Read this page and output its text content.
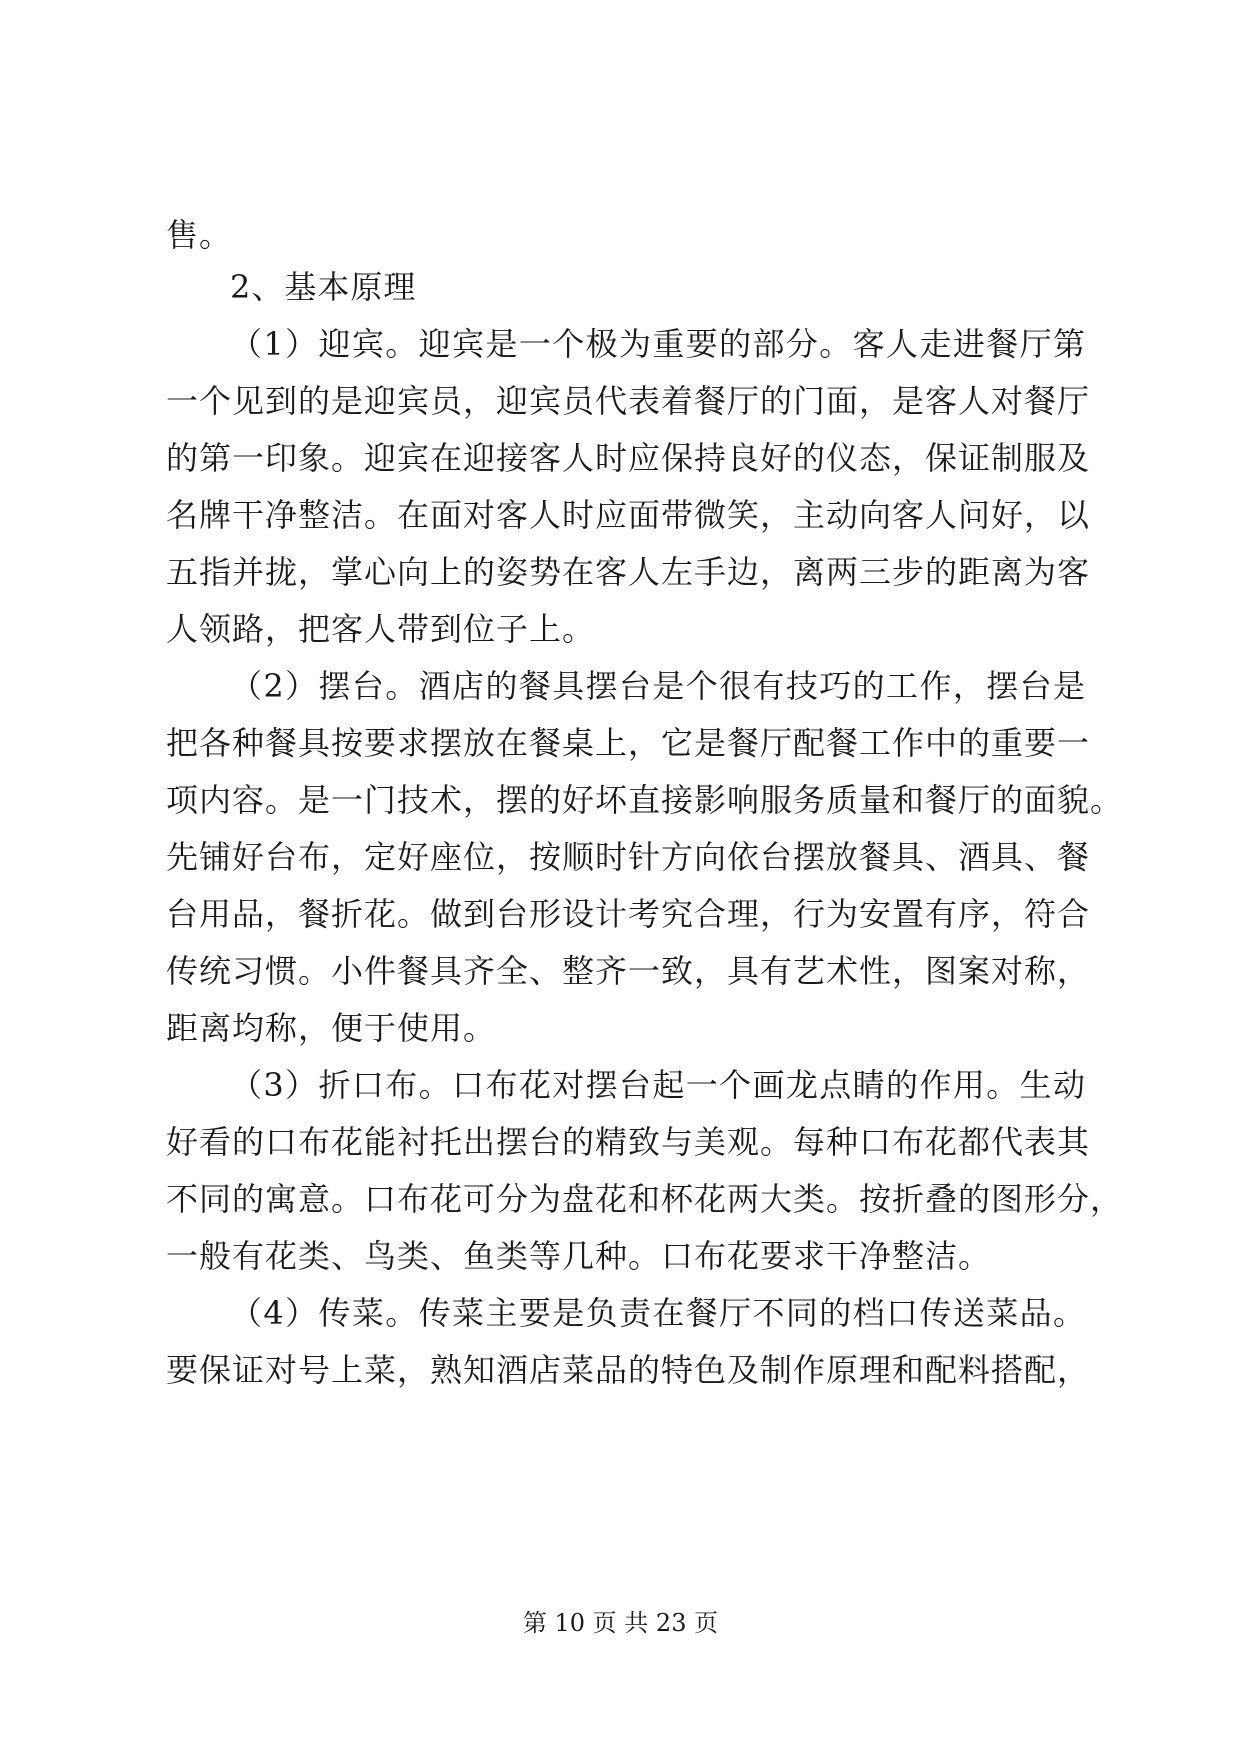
售。
2、基本原理
（1）迎宾。迎宾是一个极为重要的部分。客人走进餐厅第
一个见到的是迎宾员，迎宾员代表着餐厅的门面，是客人对餐厅
的第一印象。迎宾在迎接客人时应保持良好的仪态，保证制服及
名牌干净整洁。在面对客人时应面带微笑，主动向客人问好，以
五指并拢，掌心向上的姿势在客人左手边，离两三步的距离为客
人领路，把客人带到位子上。
（2）摆台。酒店的餐具摆台是个很有技巧的工作，摆台是
把各种餐具按要求摆放在餐桌上，它是餐厅配餐工作中的重要一
项内容。是一门技术，摆的好坏直接影响服务质量和餐厅的面貌。
先铺好台布，定好座位，按顺时针方向依台摆放餐具、酒具、餐
台用品，餐折花。做到台形设计考究合理，行为安置有序，符合
传统习惯。小件餐具齐全、整齐一致，具有艺术性，图案对称，
距离均称，便于使用。
（3）折口布。口布花对摆台起一个画龙点睛的作用。生动
好看的口布花能衬托出摆台的精致与美观。每种口布花都代表其
不同的寓意。口布花可分为盘花和杯花两大类。按折叠的图形分，
一般有花类、鸟类、鱼类等几种。口布花要求干净整洁。
（4）传菜。传菜主要是负责在餐厅不同的档口传送菜品。
要保证对号上菜，熟知酒店菜品的特色及制作原理和配料搭配，
第 10 页 共 23 页
